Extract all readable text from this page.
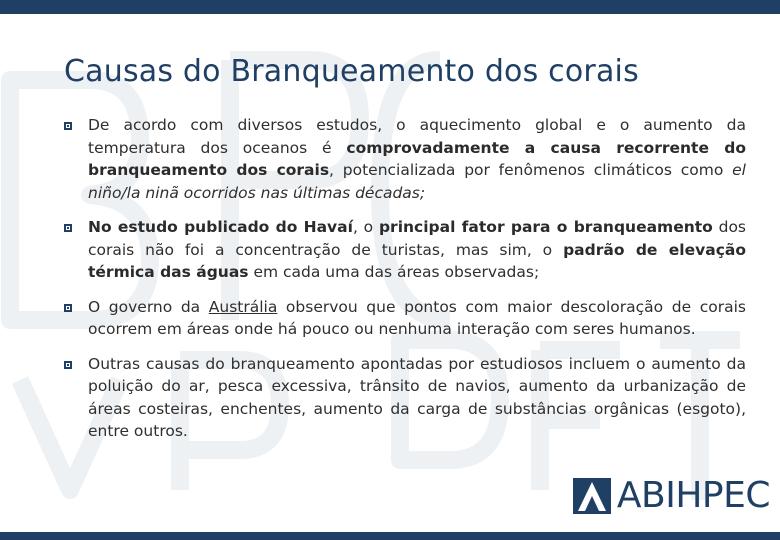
Causas do Branqueamento dos corais
De acordo com diversos estudos, o aquecimento global e o aumento da temperatura dos oceanos é comprovadamente a causa recorrente do branqueamento dos corais, potencializada por fenômenos climáticos como el niño/la ninã ocorridos nas últimas décadas;
No estudo publicado do Havaí, o principal fator para o branqueamento dos corais não foi a concentração de turistas, mas sim, o padrão de elevação térmica das águas em cada uma das áreas observadas;
O governo da Austrália observou que pontos com maior descoloração de corais ocorrem em áreas onde há pouco ou nenhuma interação com seres humanos.
Outras causas do branqueamento apontadas por estudiosos incluem o aumento da poluição do ar, pesca excessiva, trânsito de navios, aumento da urbanização de áreas costeiras, enchentes, aumento da carga de substâncias orgânicas (esgoto), entre outros.
ABIHPEC
